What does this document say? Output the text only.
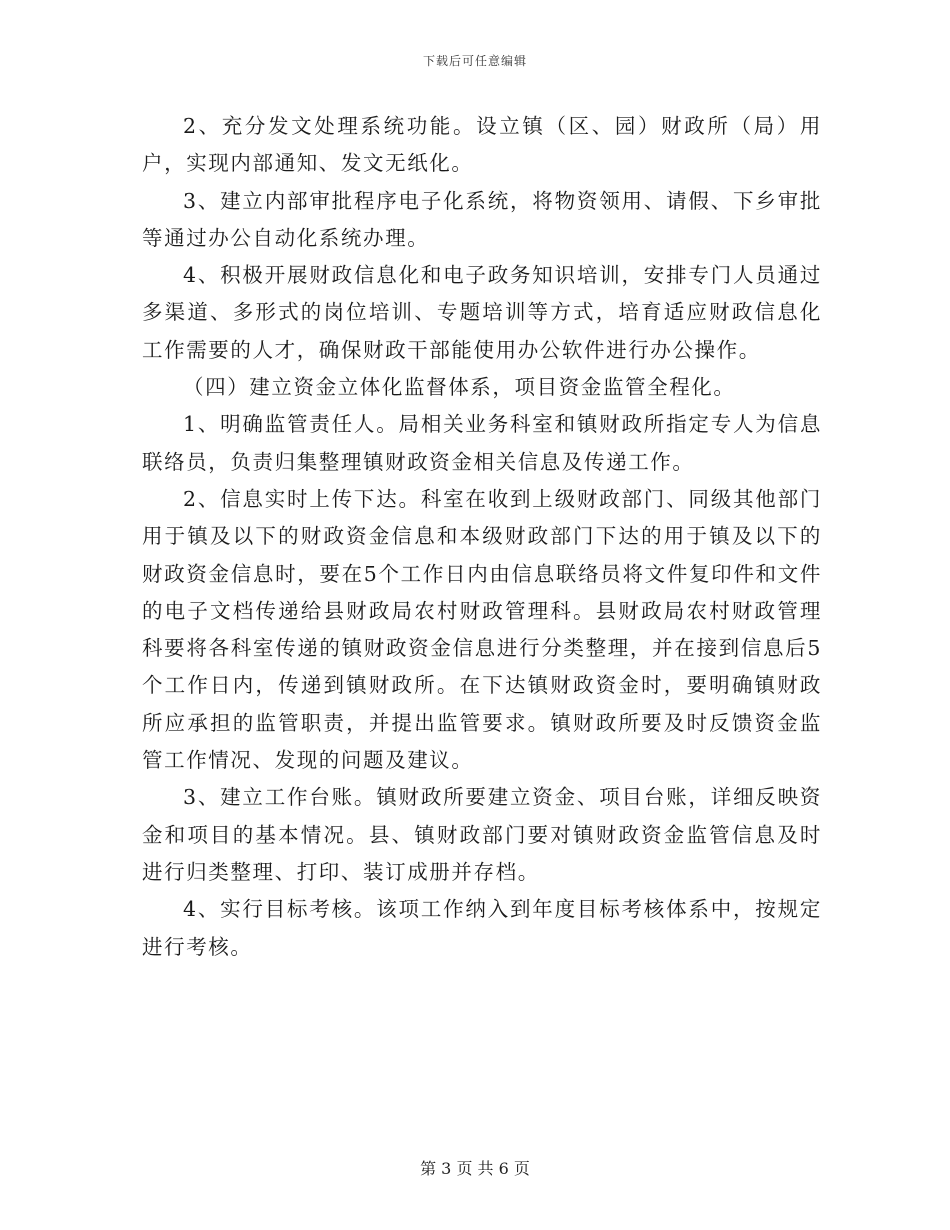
下载后可任意编辑

2、充分发文处理系统功能。设立镇（区、园）财政所（局）用户，实现内部通知、发文无纸化。

3、建立内部审批程序电子化系统，将物资领用、请假、下乡审批等通过办公自动化系统办理。

4、积极开展财政信息化和电子政务知识培训，安排专门人员通过多渠道、多形式的岗位培训、专题培训等方式，培育适应财政信息化工作需要的人才，确保财政干部能使用办公软件进行办公操作。

（四）建立资金立体化监督体系，项目资金监管全程化。

1、明确监管责任人。局相关业务科室和镇财政所指定专人为信息联络员，负责归集整理镇财政资金相关信息及传递工作。

2、信息实时上传下达。科室在收到上级财政部门、同级其他部门用于镇及以下的财政资金信息和本级财政部门下达的用于镇及以下的财政资金信息时，要在5个工作日内由信息联络员将文件复印件和文件的电子文档传递给县财政局农村财政管理科。县财政局农村财政管理科要将各科室传递的镇财政资金信息进行分类整理，并在接到信息后5个工作日内，传递到镇财政所。在下达镇财政资金时，要明确镇财政所应承担的监管职责，并提出监管要求。镇财政所要及时反馈资金监管工作情况、发现的问题及建议。

3、建立工作台账。镇财政所要建立资金、项目台账，详细反映资金和项目的基本情况。县、镇财政部门要对镇财政资金监管信息及时进行归类整理、打印、装订成册并存档。

4、实行目标考核。该项工作纳入到年度目标考核体系中，按规定进行考核。

第 3 页 共 6 页
